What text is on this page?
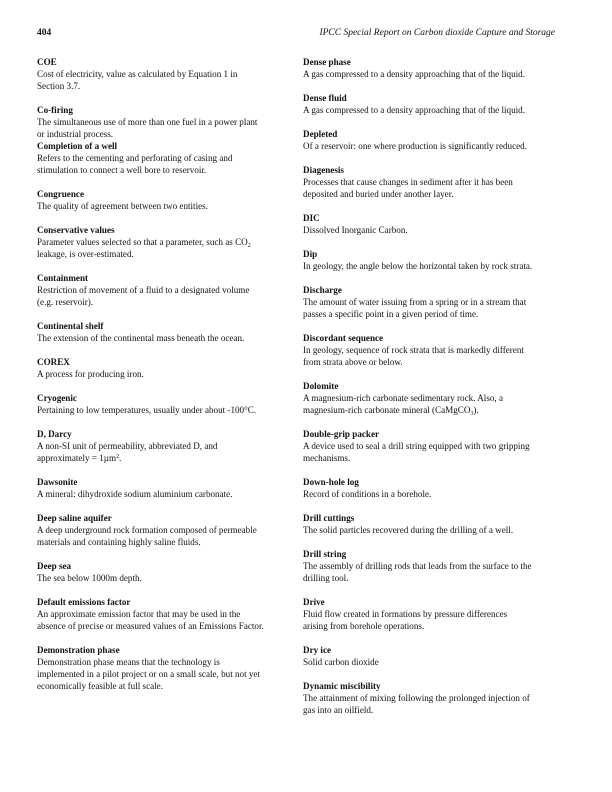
404	IPCC Special Report on Carbon dioxide Capture and Storage
COE
Cost of electricity, value as calculated by Equation 1 in
Section 3.7.
Co-firing
The simultaneous use of more than one fuel in a power plant
or industrial process.
Completion of a well
Refers to the cementing and perforating of casing and
stimulation to connect a well bore to reservoir.
Congruence
The quality of agreement between two entities.
Conservative values
Parameter values selected so that a parameter, such as $CO_2$
leakage, is over-estimated.
Containment
Restriction of movement of a fluid to a designated volume
(e.g. reservoir).
Continental shelf
The extension of the continental mass beneath the ocean.
COREX
A process for producing iron.
Cryogenic
Pertaining to low temperatures, usually under about -100°C.
D, Darcy
A non-SI unit of permeability, abbreviated D, and
approximately = 1µm$^2$.
Dawsonite
A mineral: dihydroxide sodium aluminium carbonate.
Deep saline aquifer
A deep underground rock formation composed of permeable
materials and containing highly saline fluids.
Deep sea
The sea below 1000m depth.
Default emissions factor
An approximate emission factor that may be used in the
absence of precise or measured values of an Emissions Factor.
Demonstration phase
Demonstration phase means that the technology is
implemented in a pilot project or on a small scale, but not yet
economically feasible at full scale.
Dense phase
A gas compressed to a density approaching that of the liquid.
Dense fluid
A gas compressed to a density approaching that of the liquid.
Depleted
Of a reservoir: one where production is significantly reduced.
Diagenesis
Processes that cause changes in sediment after it has been
deposited and buried under another layer.
DIC
Dissolved Inorganic Carbon.
Dip
In geology, the angle below the horizontal taken by rock strata.
Discharge
The amount of water issuing from a spring or in a stream that
passes a specific point in a given period of time.
Discordant sequence
In geology, sequence of rock strata that is markedly different
from strata above or below.
Dolomite
A magnesium-rich carbonate sedimentary rock. Also, a
magnesium-rich carbonate mineral (CaMgCO$_3$).
Double-grip packer
A device used to seal a drill string equipped with two gripping
mechanisms.
Down-hole log
Record of conditions in a borehole.
Drill cuttings
The solid particles recovered during the drilling of a well.
Drill string
The assembly of drilling rods that leads from the surface to the
drilling tool.
Drive
Fluid flow created in formations by pressure differences
arising from borehole operations.
Dry ice
Solid carbon dioxide
Dynamic miscibility
The attainment of mixing following the prolonged injection of
gas into an oilfield.
